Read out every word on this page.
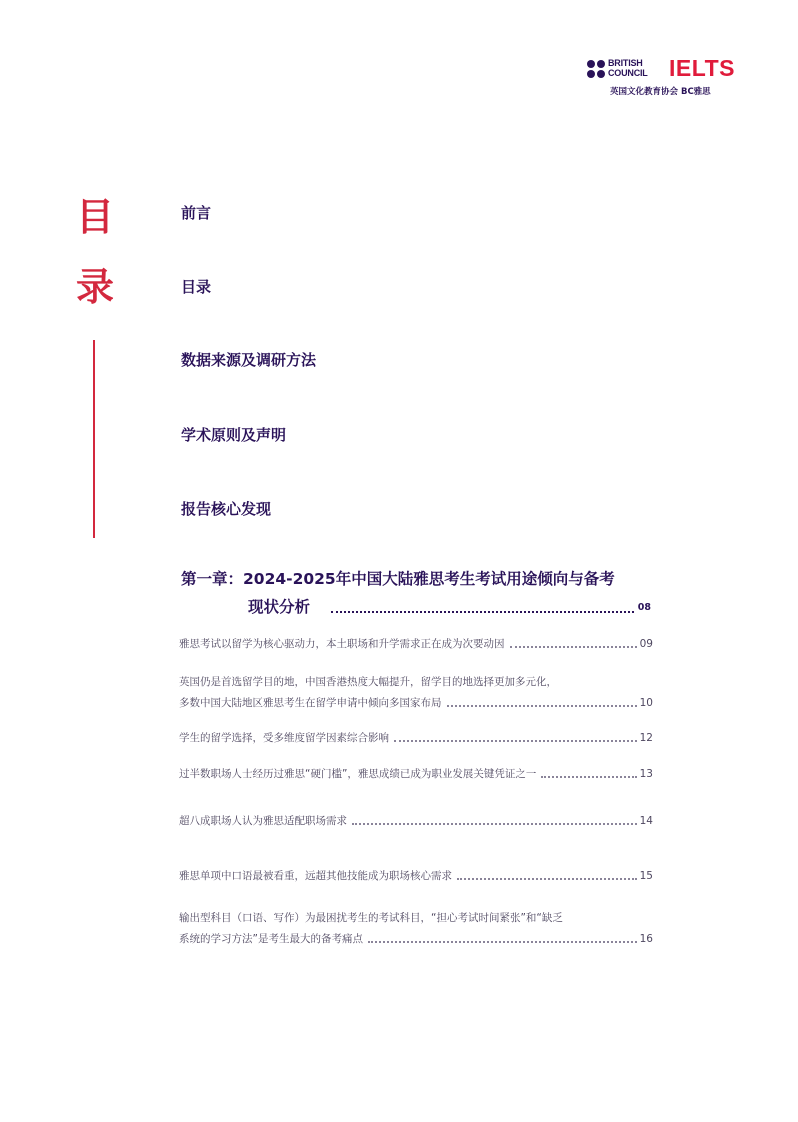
BRITISH
COUNCIL IELTS
英国文化教育协会 BC雅思
目
录
前言
目录
数据来源及调研方法
学术原则及声明
报告核心发现
第一章：2024-2025年中国大陆雅思考生考试用途倾向与备考
现状分析	08
雅思考试以留学为核心驱动力，本土职场和升学需求正在成为次要动因	09
英国仍是首选留学目的地，中国香港热度大幅提升，留学目的地选择更加多元化，
多数中国大陆地区雅思考生在留学申请中倾向多国家布局	10
学生的留学选择，受多维度留学因素综合影响	12
过半数职场人士经历过雅思“硬门槛”，雅思成绩已成为职业发展关键凭证之一	13
超八成职场人认为雅思适配职场需求	14
雅思单项中口语最被看重，远超其他技能成为职场核心需求	15
输出型科目（口语、写作）为最困扰考生的考试科目，“担心考试时间紧张”和“缺乏
系统的学习方法”是考生最大的备考痛点	16
